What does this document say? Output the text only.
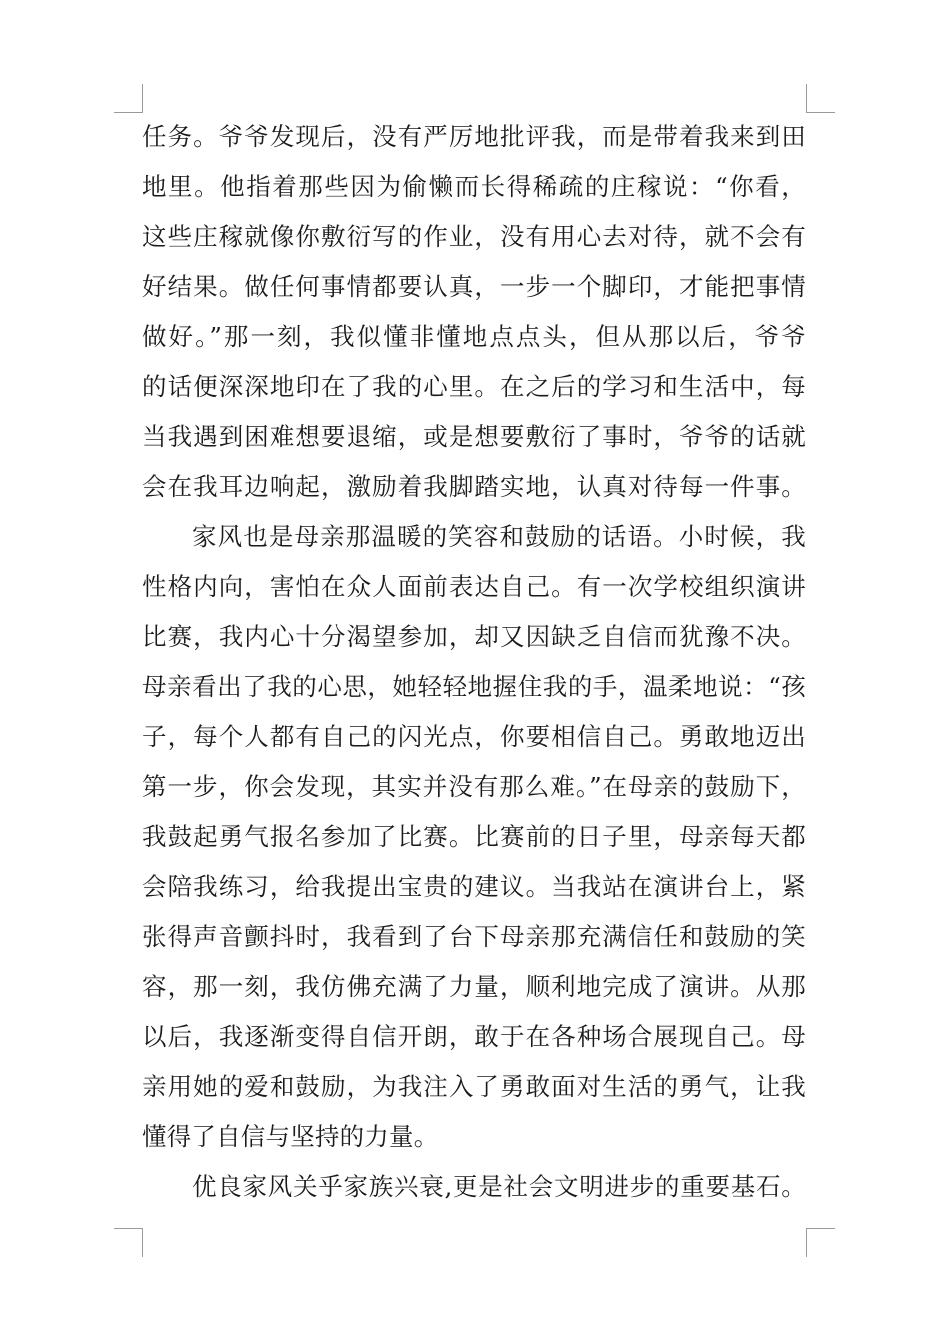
任务。爷爷发现后，没有严厉地批评我，而是带着我来到田
地里。他指着那些因为偷懒而长得稀疏的庄稼说：“你看，
这些庄稼就像你敷衍写的作业，没有用心去对待，就不会有
好结果。做任何事情都要认真，一步一个脚印，才能把事情
做好。”那一刻，我似懂非懂地点点头，但从那以后，爷爷
的话便深深地印在了我的心里。在之后的学习和生活中，每
当我遇到困难想要退缩，或是想要敷衍了事时，爷爷的话就
会在我耳边响起，激励着我脚踏实地，认真对待每一件事。
家风也是母亲那温暖的笑容和鼓励的话语。小时候，我
性格内向，害怕在众人面前表达自己。有一次学校组织演讲
比赛，我内心十分渴望参加，却又因缺乏自信而犹豫不决。
母亲看出了我的心思，她轻轻地握住我的手，温柔地说：“孩
子，每个人都有自己的闪光点，你要相信自己。勇敢地迈出
第一步，你会发现，其实并没有那么难。”在母亲的鼓励下，
我鼓起勇气报名参加了比赛。比赛前的日子里，母亲每天都
会陪我练习，给我提出宝贵的建议。当我站在演讲台上，紧
张得声音颤抖时，我看到了台下母亲那充满信任和鼓励的笑
容，那一刻，我仿佛充满了力量，顺利地完成了演讲。从那
以后，我逐渐变得自信开朗，敢于在各种场合展现自己。母
亲用她的爱和鼓励，为我注入了勇敢面对生活的勇气，让我
懂得了自信与坚持的力量。
优良家风关乎家族兴衰,更是社会文明进步的重要基石。
